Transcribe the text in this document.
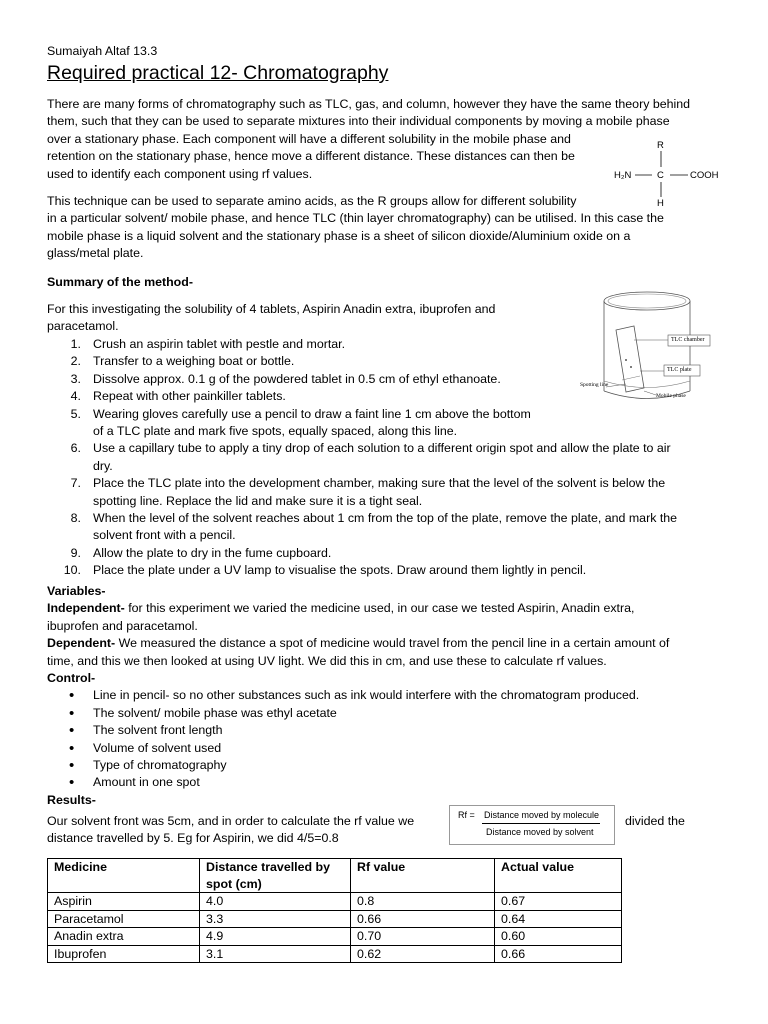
Sumaiyah Altaf 13.3
Required practical 12- Chromatography

There are many forms of chromatography such as TLC, gas, and column, however they have the same theory behind

them, such that they can be used to separate mixtures into their individual components by moving a mobile phase

over a stationary phase. Each component will have a different solubility in the mobile phase and

retention on the stationary phase, hence move a different distance. These distances can then be

used to identify each component using rf values.

R
H₂N	C	COOH
H

This technique can be used to separate amino acids, as the R groups allow for different solubility

in a particular solvent/ mobile phase, and hence TLC (thin layer chromatography) can be utilised. In this case the

mobile phase is a liquid solvent and the stationary phase is a sheet of silicon dioxide/Aluminium oxide on a

glass/metal plate.

Summary of the method-

For this investigating the solubility of 4 tablets, Aspirin Anadin extra, ibuprofen and

paracetamol.

TLC chamber
TLC plate
Spotting line
Mobile phase
1. Crush an aspirin tablet with pestle and mortar.
2. Transfer to a weighing boat or bottle.
3. Dissolve approx. 0.1 g of the powdered tablet in 0.5 cm of ethyl ethanoate.
4. Repeat with other painkiller tablets.
5. Wearing gloves carefully use a pencil to draw a faint line 1 cm above the bottom
of a TLC plate and mark five spots, equally spaced, along this line.
6. Use a capillary tube to apply a tiny drop of each solution to a different origin spot and allow the plate to air
dry.
7. Place the TLC plate into the development chamber, making sure that the level of the solvent is below the
spotting line. Replace the lid and make sure it is a tight seal.
8. When the level of the solvent reaches about 1 cm from the top of the plate, remove the plate, and mark the
solvent front with a pencil.
9. Allow the plate to dry in the fume cupboard.
10. Place the plate under a UV lamp to visualise the spots. Draw around them lightly in pencil.

Variables-

Independent- for this experiment we varied the medicine used, in our case we tested Aspirin, Anadin extra,

ibuprofen and paracetamol.

Dependent- We measured the distance a spot of medicine would travel from the pencil line in a certain amount of

time, and this we then looked at using UV light. We did this in cm, and use these to calculate rf values.

Control-

• Line in pencil- so no other substances such as ink would interfere with the chromatogram produced.
• The solvent/ mobile phase was ethyl acetate
• The solvent front length
• Volume of solvent used
• Type of chromatography
• Amount in one spot

Results-

Our solvent front was 5cm, and in order to calculate the rf value we	divided the
distance travelled by 5. Eg for Aspirin, we did 4/5=0.8
Rf = Distance moved by molecule
Distance moved by solvent
Medicine	Distance travelled by spot (cm)	Rf value	Actual value
Aspirin	4.0	0.8	0.67
Paracetamol	3.3	0.66	0.64
Anadin extra	4.9	0.70	0.60
Ibuprofen	3.1	0.62	0.66
